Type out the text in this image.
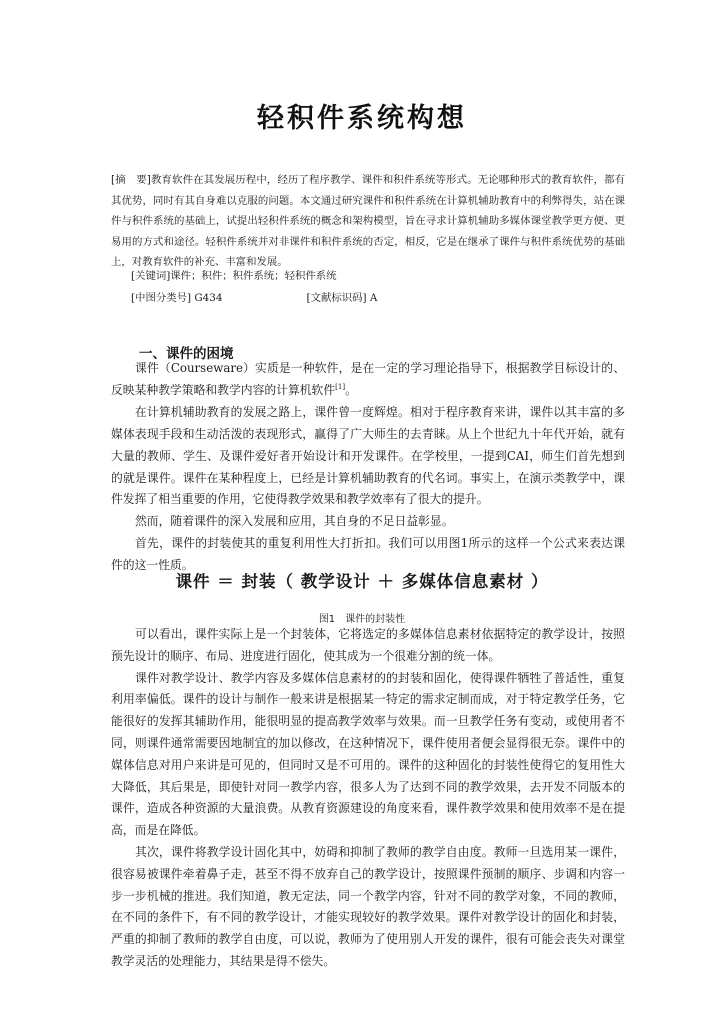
轻积件系统构想
[摘　要]教育软件在其发展历程中，经历了程序教学、课件和积件系统等形式。无论哪种形式的教育软件，都有其优势，同时有其自身难以克服的问题。本文通过研究课件和积件系统在计算机辅助教育中的利弊得失，站在课件与积件系统的基础上，试提出轻积件系统的概念和架构模型，旨在寻求计算机辅助多媒体课堂教学更方便、更易用的方式和途径。轻积件系统并对非课件和积件系统的否定，相反，它是在继承了课件与积件系统优势的基础上，对教育软件的补充、丰富和发展。
[关键词]课件；积件；积件系统；轻积件系统
[中图分类号] G434	[文献标识码] A
一、课件的困境

课件（Courseware）实质是一种软件，是在一定的学习理论指导下，根据教学目标设计的、反映某种教学策略和教学内容的计算机软件[1]。

在计算机辅助教育的发展之路上，课件曾一度辉煌。相对于程序教育来讲，课件以其丰富的多媒体表现手段和生动活泼的表现形式，赢得了广大师生的去青睐。从上个世纪九十年代开始，就有大量的教师、学生、及课件爱好者开始设计和开发课件。在学校里，一提到CAI，师生们首先想到的就是课件。课件在某种程度上，已经是计算机辅助教育的代名词。事实上，在演示类教学中，课件发挥了相当重要的作用，它使得教学效果和教学效率有了很大的提升。

然而，随着课件的深入发展和应用，其自身的不足日益彰显。

首先，课件的封装使其的重复利用性大打折扣。我们可以用图1所示的这样一个公式来表达课件的这一性质。

课件 ＝ 封装（ 教学设计 ＋ 多媒体信息素材 ）
图1　课件的封装性

可以看出，课件实际上是一个封装体，它将选定的多媒体信息素材依据特定的教学设计，按照预先设计的顺序、布局、进度进行固化，使其成为一个很难分割的统一体。

课件对教学设计、教学内容及多媒体信息素材的的封装和固化，使得课件牺牲了普适性，重复利用率偏低。课件的设计与制作一般来讲是根据某一特定的需求定制而成，对于特定教学任务，它能很好的发挥其辅助作用，能很明显的提高教学效率与效果。而一旦教学任务有变动，或使用者不同，则课件通常需要因地制宜的加以修改，在这种情况下，课件使用者便会显得很无奈。课件中的媒体信息对用户来讲是可见的，但同时又是不可用的。课件的这种固化的封装性使得它的复用性大大降低，其后果是，即使针对同一教学内容，很多人为了达到不同的教学效果，去开发不同版本的课件，造成各种资源的大量浪费。从教育资源建设的角度来看，课件教学效果和使用效率不是在提高，而是在降低。

其次，课件将教学设计固化其中，妨碍和抑制了教师的教学自由度。教师一旦选用某一课件，很容易被课件牵着鼻子走，甚至不得不放弃自己的教学设计，按照课件预制的顺序、步调和内容一步一步机械的推进。我们知道，教无定法，同一个教学内容，针对不同的教学对象，不同的教师，在不同的条件下，有不同的教学设计，才能实现较好的教学效果。课件对教学设计的固化和封装，严重的抑制了教师的教学自由度，可以说，教师为了使用别人开发的课件，很有可能会丧失对课堂教学灵活的处理能力，其结果是得不偿失。
